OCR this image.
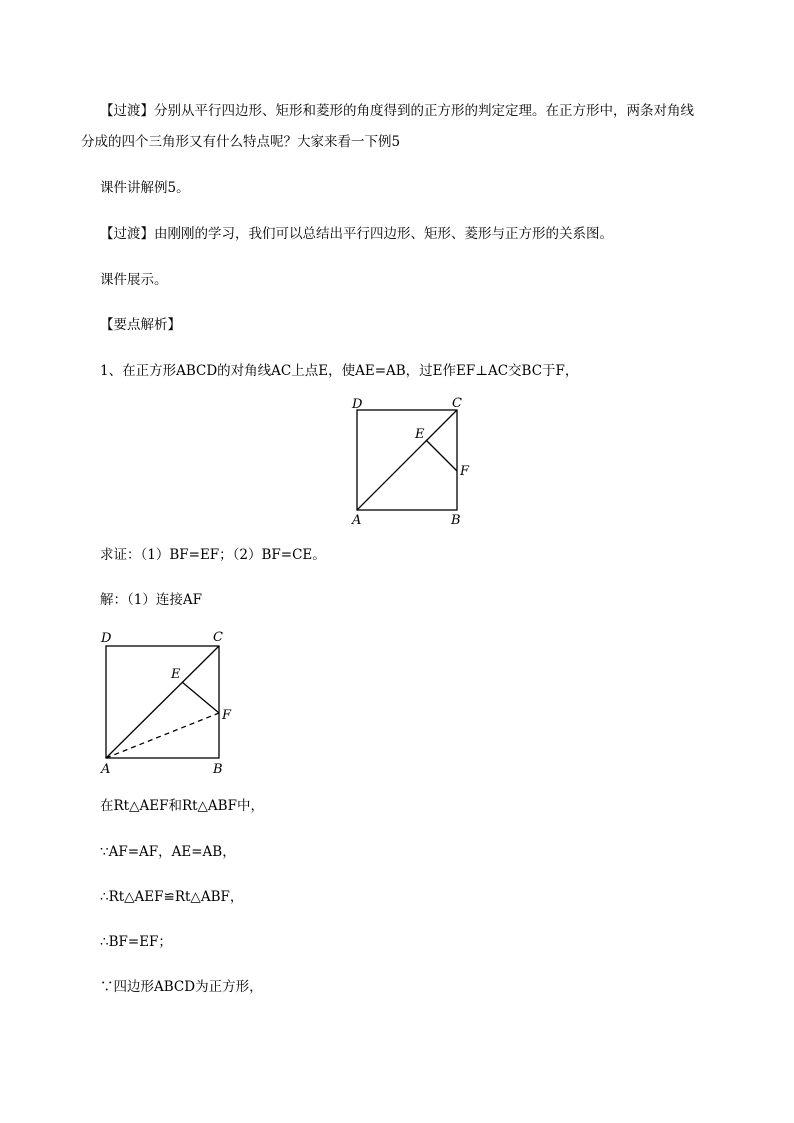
【过渡】分别从平行四边形、矩形和菱形的角度得到的正方形的判定定理。在正方形中，两条对角线
分成的四个三角形又有什么特点呢？大家来看一下例5
课件讲解例5。
【过渡】由刚刚的学习，我们可以总结出平行四边形、矩形、菱形与正方形的关系图。
课件展示。
【要点解析】
1、在正方形ABCD的对角线AC上点E，使AE=AB，过E作EF⊥AC交BC于F，
D	C
E
F
A	B
求证：（1）BF=EF；（2）BF=CE。
解：（1）连接AF
D	C
E
F
A	B
在Rt△AEF和Rt△ABF中，
∵AF=AF，AE=AB，
∴Rt△AEF≌Rt△ABF，
∴BF=EF；
∵四边形ABCD为正方形，
